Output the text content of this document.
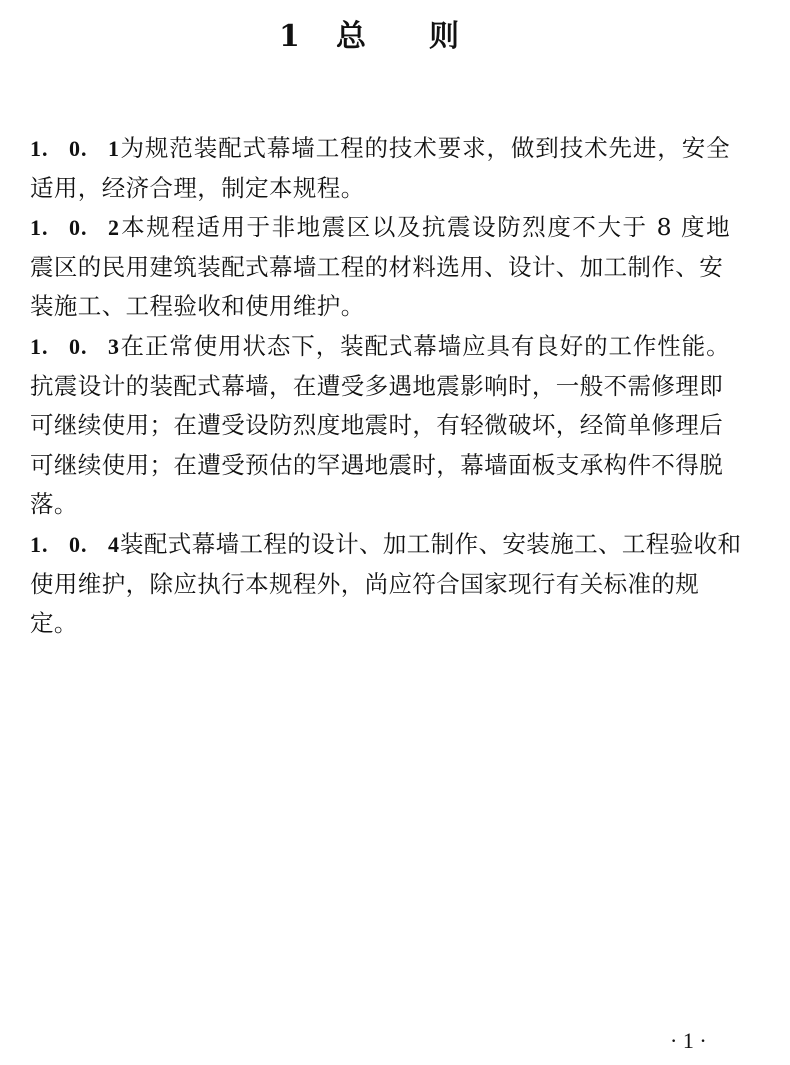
1 总 则
1. 0. 1为规范装配式幕墙工程的技术要求，做到技术先进，安全
适用，经济合理，制定本规程。
1. 0. 2本规程适用于非地震区以及抗震设防烈度不大于 8 度地
震区的民用建筑装配式幕墙工程的材料选用、设计、加工制作、安
装施工、工程验收和使用维护。
1. 0. 3在正常使用状态下，装配式幕墙应具有良好的工作性能。
抗震设计的装配式幕墙，在遭受多遇地震影响时，一般不需修理即
可继续使用；在遭受设防烈度地震时，有轻微破坏，经简单修理后
可继续使用；在遭受预估的罕遇地震时，幕墙面板支承构件不得脱
落。
1. 0. 4装配式幕墙工程的设计、加工制作、安装施工、工程验收和
使用维护，除应执行本规程外，尚应符合国家现行有关标准的规
定。
· 1 ·
